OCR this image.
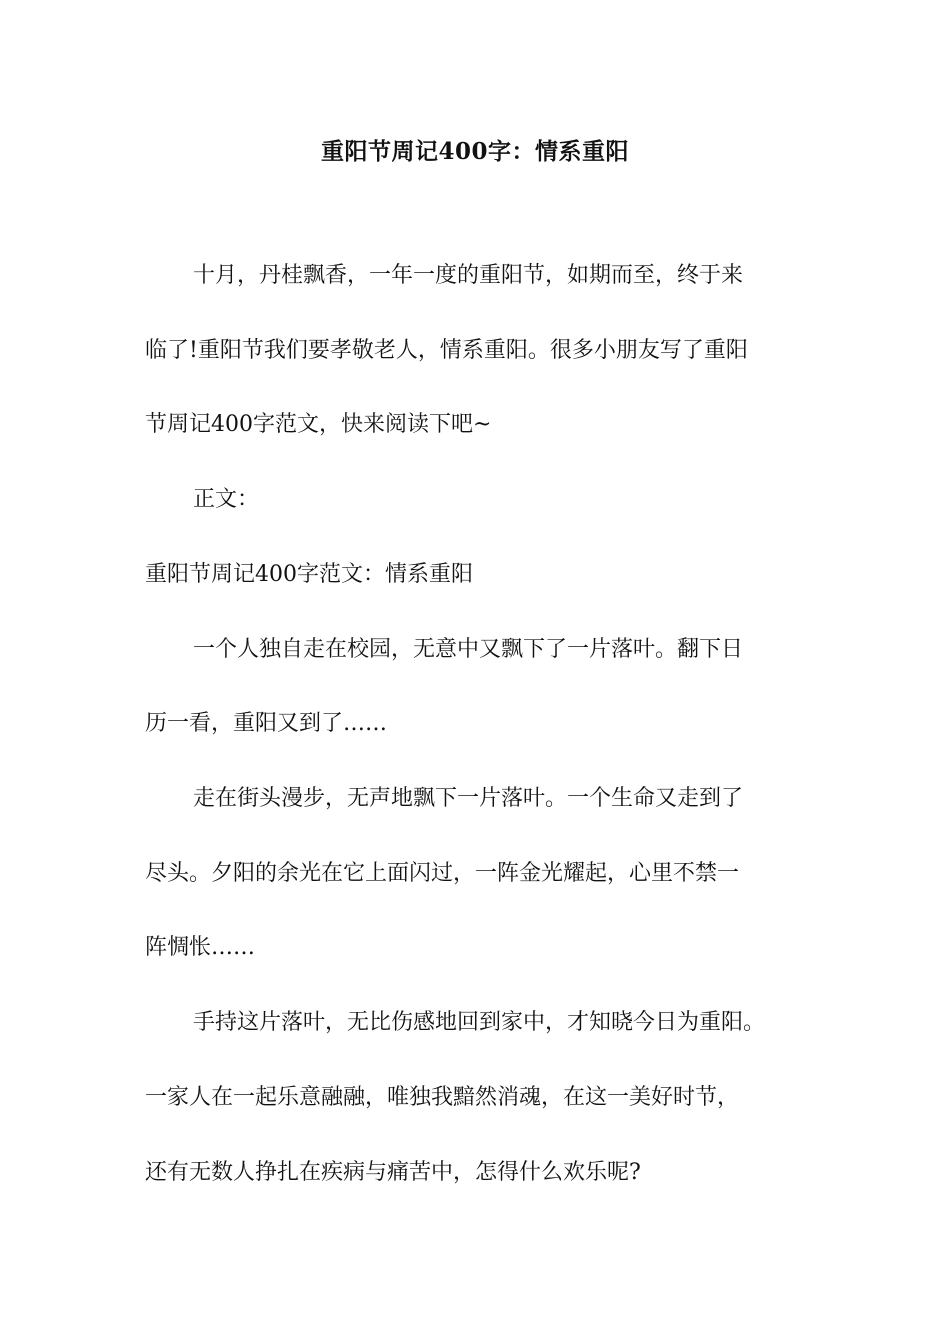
重阳节周记400字：情系重阳
十月，丹桂飘香，一年一度的重阳节，如期而至，终于来
临了!重阳节我们要孝敬老人，情系重阳。很多小朋友写了重阳
节周记400字范文，快来阅读下吧~
正文：
重阳节周记400字范文：情系重阳
一个人独自走在校园，无意中又飘下了一片落叶。翻下日
历一看，重阳又到了……
走在街头漫步，无声地飘下一片落叶。一个生命又走到了
尽头。夕阳的余光在它上面闪过，一阵金光耀起，心里不禁一
阵惆怅……
手持这片落叶，无比伤感地回到家中，才知晓今日为重阳。
一家人在一起乐意融融，唯独我黯然消魂，在这一美好时节，
还有无数人挣扎在疾病与痛苦中，怎得什么欢乐呢?
